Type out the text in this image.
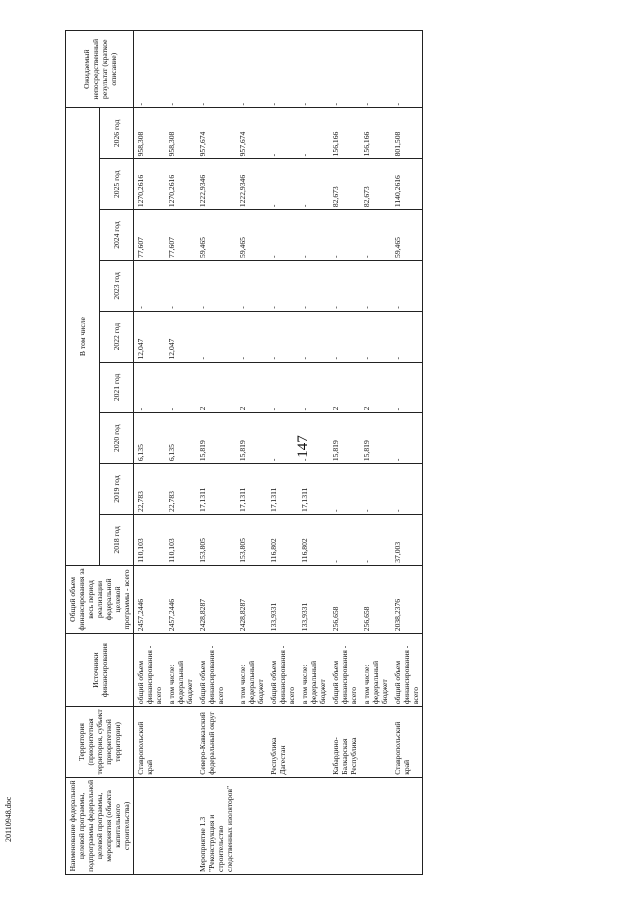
147
20110948.doc	Наименование федеральной целевой программы, подпрограммы федеральной целевой программы, мероприятия (объекта капитального строительства)	Территория (приоритетная территория, субъект приоритетной территории)	Источники финансирования	Общий объем финансирования за весь период реализации федеральной целевой программы - всего	В том числе									Ожидаемый непосредственный результат (краткое описание)
				2018 год	2019 год	2020 год	2021 год	2022 год	2023 год	2024 год	2025 год	2026 год	
	Ставропольский край	общий объем финансирования - всего	2457,2446	110,103	22,783	6,135	-	12,047	-	77,607	1270,2616	958,308	-
		в том числе: федеральный бюджет	2457,2446	110,103	22,783	6,135	-	12,047	-	77,607	1270,2616	958,308	-
Мероприятие 1.3 "Реконструкция и строительство следственных изоляторов"	Северо-Кавказский федеральный округ	общий объем финансирования - всего	2428,8287	153,805	17,1311	15,819	2	-	-	59,465	1222,9346	957,674	-
		в том числе: федеральный бюджет	2428,8287	153,805	17,1311	15,819	2	-	-	59,465	1222,9346	957,674	-
	Республика Дагестан	общий объем финансирования - всего	133,9331	116,802	17,1311	-	-	-	-	-	-	-	-
		в том числе: федеральный бюджет	133,9331	116,802	17,1311	-	-	-	-	-	-	-	-
	Кабардино-Балкарская Республика	общий объем финансирования - всего	256,658	-	-	15,819	2	-	-	-	82,673	156,166	-
		в том числе: федеральный бюджет	256,658	-	-	15,819	2	-	-	-	82,673	156,166	-
	Ставропольский край	общий объем финансирования - всего	2038,2376	37,003	-	-	-	-	-	59,465	1140,2616	801,508	-
